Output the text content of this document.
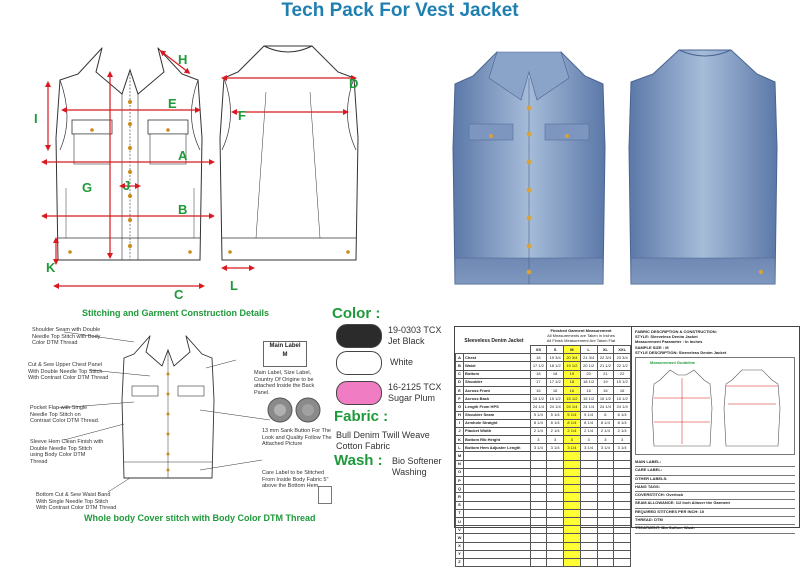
Tech Pack For Vest Jacket
H
E
I
A
G J
B
K
C
D
F
L
Stitching and Garment Construction Details
Shoulder Seam with Double Needle Top Stitch with Body Color DTM Thread
Cut & Sew Upper Chest Panel With Double Needle Top Stitch With Contrast Color DTM Thread
Pocket Flap with Single Needle Top Stitch on Contrast Color DTM Thread.
Sleeve Hem Clean Finish with Double Needle Top Stitch using Body Color DTM Thread
Bottom Cut & Sew Waist Band With Single Needle Top Stitch With Contrast Color DTM Thread
Main Label
M
Main Label, Size Label, Country Of Origine to be attached Inside the Back Panel.
13 mm Sank Button For The Look and Quality Follow The Attached Picture
Care Label to be Stitched From Inside Body Fabric 5" above the Bottom Hem
Whole body Cover stitch with Body Color DTM Thread
Color :
19-0303 TCX
Jet Black
White
16-2125 TCX
Sugar Plum
Fabric :
Bull Denim Twill Weave Cotton Fabric
Wash : Bio Softener Washing
Sleeveless Denim Jacket
Finished Garment Measurement
All Measurements are Taken in Inches
All Finish Measurement Are Taken Flat
		XS	S	M	L	XL	XXL
A	Chest	18	19 3/4	20 3/4	21 3/4	22 3/4	23 3/4
B	Waist	17 1/2	18 1/2	19 1/2	20 1/2	21 1/2	22 1/2
C	Bottom	18	18	19	20	21	22
D	Shoulder	17	17 1/2	18	18 1/2	19	19 1/2
E	Across Front	16	16	16	16	16	16
F	Across Back	15 1/2	15 1/2	15 1/2	15 1/2	15 1/2	15 1/2
G	Length From HPS	24 1/4	24 1/4	24 1/4	24 1/4	24 1/4	24 1/4
H	Shoulder Seam	5 1/4	5 1/4	5 1/4	5 1/4	6	6 1/4
I	Armhole Straight	8 1/4	8 1/4	8 1/4	8 1/4	8 1/4	8 1/4
J	Placket Width	2 1/4	2 1/4	2 1/4	2 1/4	2 1/4	2 1/4
K	Bottom Rib Height	3	3	3	3	3	3
L	Bottom Hem Adjuster Length	3 1/4	3 1/4	3 1/4	3 1/4	3 1/4	3 1/4
M							
N							
O							
P							
Q							
R							
S							
T							
U							
V							
W							
X							
Y							
Z							
FABRIC DESCRIPTION & CONSTRUCTION:
STYLE: Sleeveless Denim Jacket
Measurement Parameter : In Inches
SAMPLE SIZE : M
STYLE DESCRIPTION: Sleeveless Denim Jacket
Measurement Guideline
MAIN LABEL:
CARE LABEL:
OTHER LABELS:
HANG TAGS:
COVERSTITCH: Overlock
SEAM ALLOWANCE: 1/2 Inch Allover the Garment
REQUIRED STITCHES PER INCH: 10
THREAD: DTM
TREATMENT: Bio Softner Wash
